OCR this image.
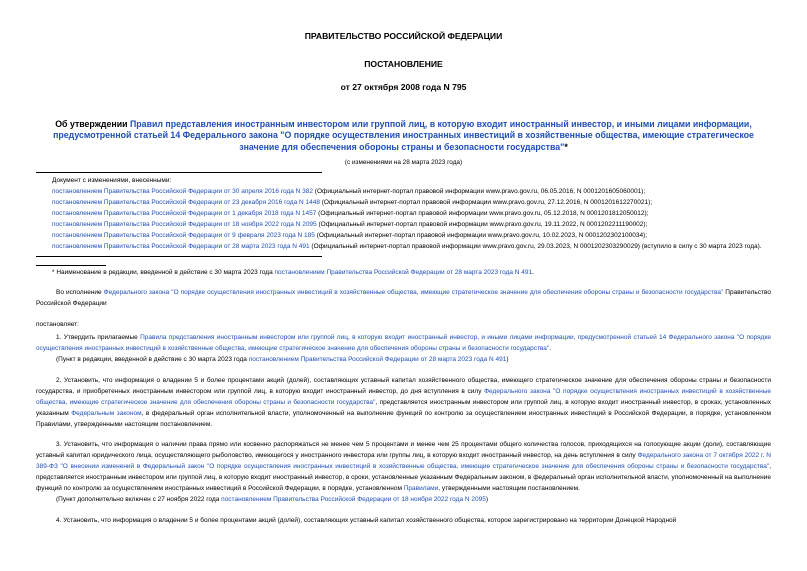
ПРАВИТЕЛЬСТВО РОССИЙСКОЙ ФЕДЕРАЦИИ
ПОСТАНОВЛЕНИЕ
от 27 октября 2008 года N 795
Об утверждении Правил представления иностранным инвестором или группой лиц, в которую входит иностранный инвестор, и иными лицами информации, предусмотренной статьей 14 Федерального закона "О порядке осуществления иностранных инвестиций в хозяйственные общества, имеющие стратегическое значение для обеспечения обороны страны и безопасности государства"*
(с изменениями на 28 марта 2023 года)
Документ с изменениями, внесенными:
постановлением Правительства Российской Федерации от 30 апреля 2016 года N 382 (Официальный интернет-портал правовой информации www.pravo.gov.ru, 06.05.2016, N 0001201605060001);
постановлением Правительства Российской Федерации от 23 декабря 2016 года N 1448 (Официальный интернет-портал правовой информации www.pravo.gov.ru, 27.12.2016, N 0001201612270021);
постановлением Правительства Российской Федерации от 1 декабря 2018 года N 1457 (Официальный интернет-портал правовой информации www.pravo.gov.ru, 05.12.2018, N 0001201812050012);
постановлением Правительства Российской Федерации от 18 ноября 2022 года N 2095 (Официальный интернет-портал правовой информации www.pravo.gov.ru, 19.11.2022, N 0001202211190002);
постановлением Правительства Российской Федерации от 9 февраля 2023 года N 185 (Официальный интернет-портал правовой информации www.pravo.gov.ru, 10.02.2023, N 0001202302100034);
постановлением Правительства Российской Федерации от 28 марта 2023 года N 491 (Официальный интернет-портал правовой информации www.pravo.gov.ru, 29.03.2023, N 0001202303290029) (вступило в силу с 30 марта 2023 года).
* Наименование в редакции, введенной в действие с 30 марта 2023 года постановлением Правительства Российской Федерации от 28 марта 2023 года N 491.
Во исполнение Федерального закона "О порядке осуществления иностранных инвестиций в хозяйственные общества, имеющие стратегическое значение для обеспечения обороны страны и безопасности государства" Правительство Российской Федерации
постановляет:
1. Утвердить прилагаемые Правила представления иностранным инвестором или группой лиц, в которую входит иностранный инвестор, и иными лицами информации, предусмотренной статьей 14 Федерального закона "О порядке осуществления иностранных инвестиций в хозяйственные общества, имеющие стратегическое значение для обеспечения обороны страны и безопасности государства".
(Пункт в редакции, введенной в действие с 30 марта 2023 года постановлением Правительства Российской Федерации от 28 марта 2023 года N 491)
2. Установить, что информация о владении 5 и более процентами акций (долей), составляющих уставный капитал хозяйственного общества, имеющего стратегическое значение для обеспечения обороны страны и безопасности государства, и приобретенных иностранным инвестором или группой лиц, в которую входит иностранный инвестор, до дня вступления в силу Федерального закона "О порядке осуществления иностранных инвестиций в хозяйственные общества, имеющие стратегическое значение для обеспечения обороны страны и безопасности государства", представляется иностранным инвестором или группой лиц, в которую входит иностранный инвестор, в сроках, установленных указанным Федеральным законом, в федеральный орган исполнительной власти, уполномоченный на выполнение функций по контролю за осуществлением иностранных инвестиций в Российской Федерации, в порядке, установленном Правилами, утвержденными настоящим постановлением.
3. Установить, что информация о наличии права прямо или косвенно распоряжаться не менее чем 5 процентами и менее чем 25 процентами общего количества голосов, приходящихся на голосующие акции (доли), составляющие уставный капитал юридического лица, осуществляющего рыболовство, имеющегося у иностранного инвестора или группы лиц, в которую входит иностранный инвестор, на день вступления в силу Федерального закона от 7 октября 2022 г. N 389-ФЗ "О внесении изменений в Федеральный закон "О порядке осуществления иностранных инвестиций в хозяйственные общества, имеющие стратегическое значение для обеспечения обороны страны и безопасности государства", представляется иностранным инвестором или группой лиц, в которую входит иностранный инвестор, в сроки, установленные указанным Федеральным законом, в федеральный орган исполнительной власти, уполномоченный на выполнение функций по контролю за осуществлением иностранных инвестиций в Российской Федерации, в порядке, установленном Правилами, утвержденными настоящим постановлением.
(Пункт дополнительно включен с 27 ноября 2022 года постановлением Правительства Российской Федерации от 18 ноября 2022 года N 2095)
4. Установить, что информация о владении 5 и более процентами акций (долей), составляющих уставный капитал хозяйственного общества, которое зарегистрировано на территории Донецкой Народной
